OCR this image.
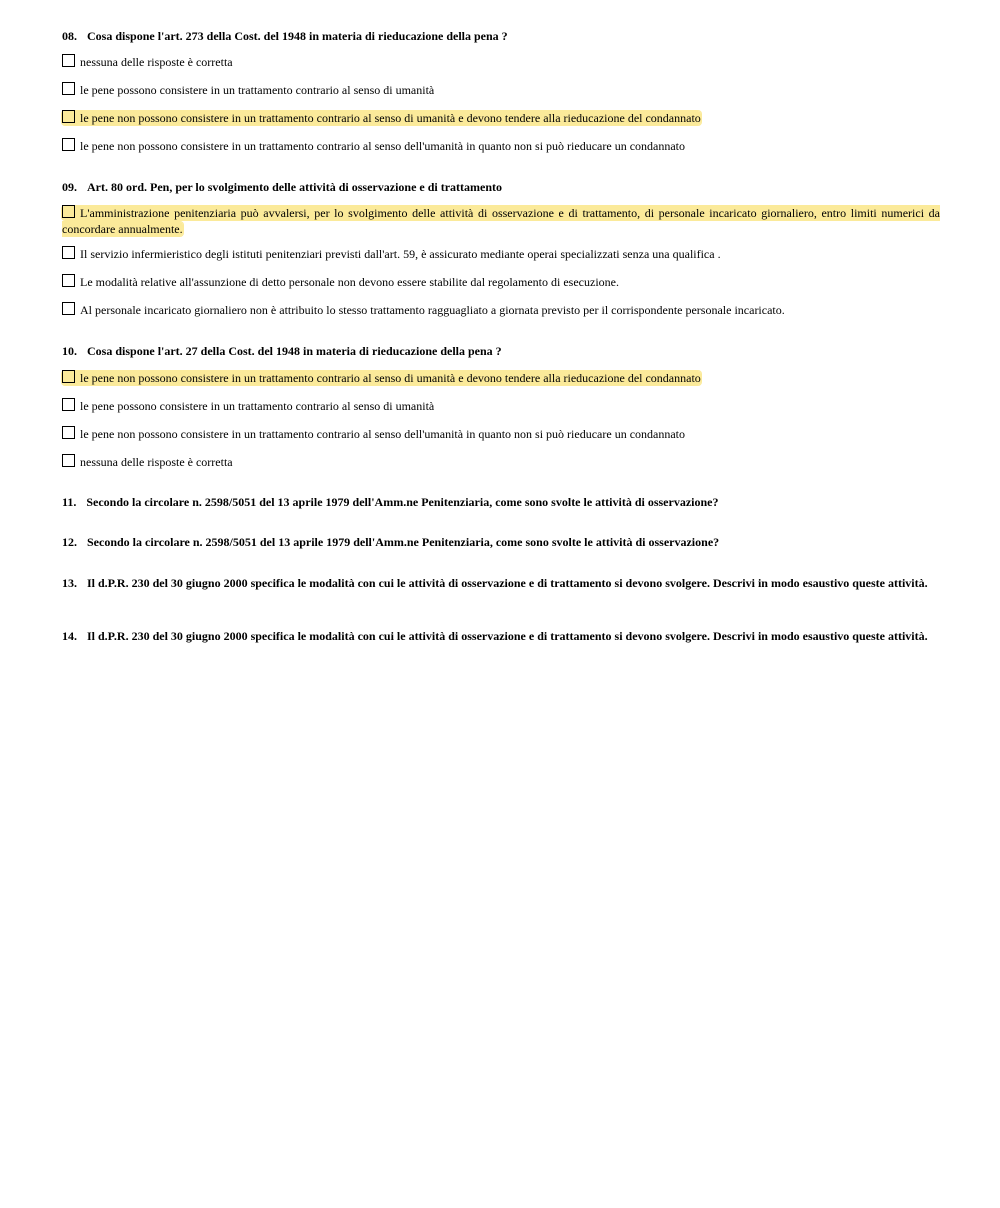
08. Cosa dispone l'art. 273 della Cost. del 1948 in materia di rieducazione della pena ?

nessuna delle risposte è corretta
le pene possono consistere in un trattamento contrario al senso di umanità
le pene non possono consistere in un trattamento contrario al senso di umanità e devono tendere alla rieducazione del condannato
le pene non possono consistere in un trattamento contrario al senso dell'umanità in quanto non si può rieducare un condannato

09. Art. 80 ord. Pen, per lo svolgimento delle attività di osservazione e di trattamento

L'amministrazione penitenziaria può avvalersi, per lo svolgimento delle attività di osservazione e di trattamento, di personale incaricato giornaliero, entro limiti numerici da concordare annualmente.
Il servizio infermieristico degli istituti penitenziari previsti dall'art. 59, è assicurato mediante operai specializzati senza una qualifica .
Le modalità relative all'assunzione di detto personale non devono essere stabilite dal regolamento di esecuzione.
Al personale incaricato giornaliero non è attribuito lo stesso trattamento ragguagliato a giornata previsto per il corrispondente personale incaricato.

10. Cosa dispone l'art. 27 della Cost. del 1948 in materia di rieducazione della pena ?

le pene non possono consistere in un trattamento contrario al senso di umanità e devono tendere alla rieducazione del condannato
le pene possono consistere in un trattamento contrario al senso di umanità
le pene non possono consistere in un trattamento contrario al senso dell'umanità in quanto non si può rieducare un condannato
nessuna delle risposte è corretta

11. Secondo la circolare n. 2598/5051 del 13 aprile 1979 dell'Amm.ne Penitenziaria, come sono svolte le attività di osservazione?

12. Secondo la circolare n. 2598/5051 del 13 aprile 1979 dell'Amm.ne Penitenziaria, come sono svolte le attività di osservazione?

13. Il d.P.R. 230 del 30 giugno 2000 specifica le modalità con cui le attività di osservazione e di trattamento si devono svolgere. Descrivi in modo esaustivo queste attività.

14. Il d.P.R. 230 del 30 giugno 2000 specifica le modalità con cui le attività di osservazione e di trattamento si devono svolgere. Descrivi in modo esaustivo queste attività.
